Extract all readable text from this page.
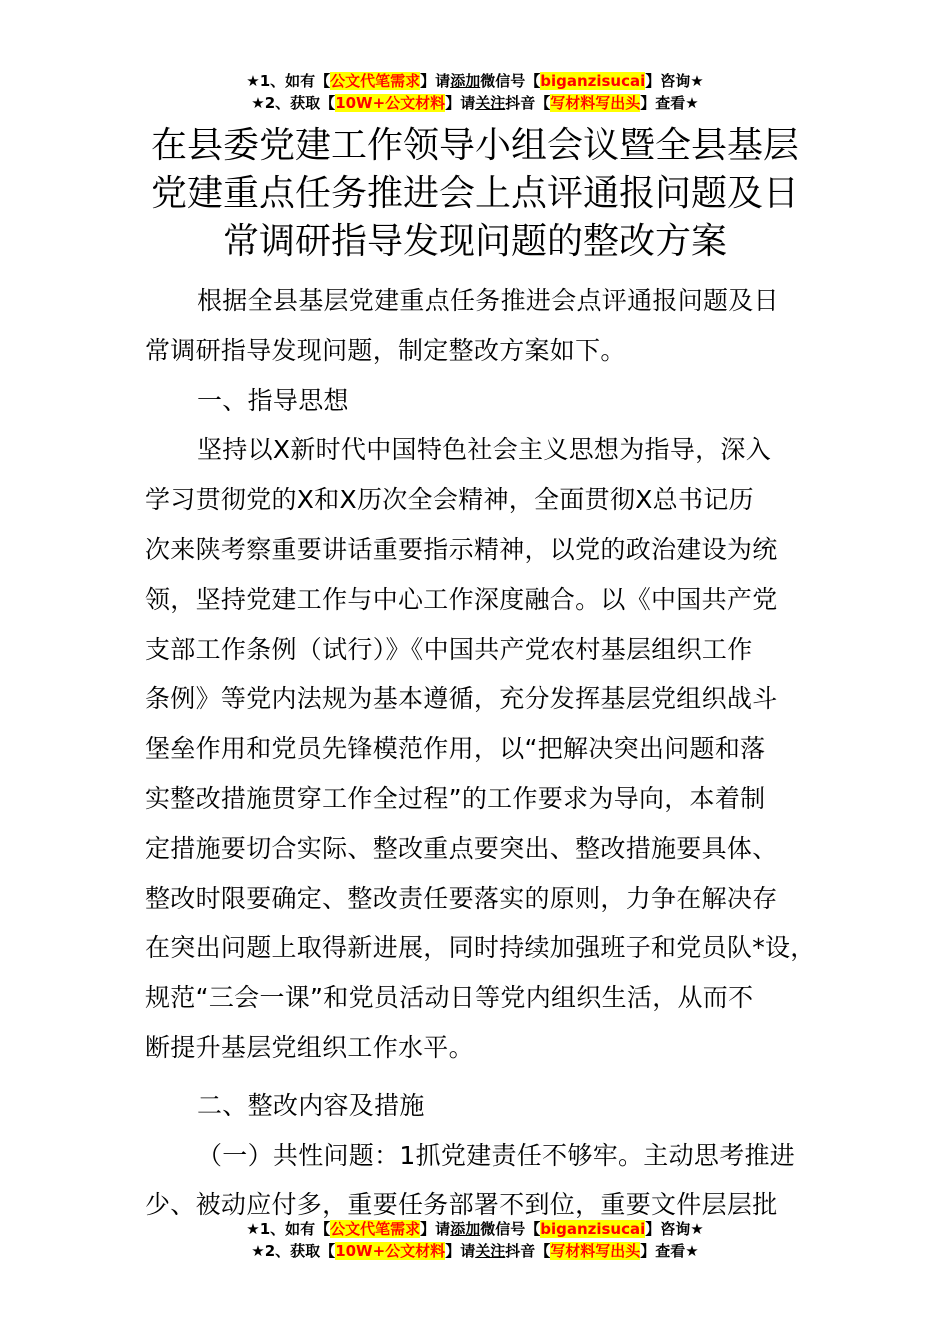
★1、如有【公文代笔需求】请添加微信号【biganzisucai】咨询★
★2、获取【10W+公文材料】请关注抖音【写材料写出头】查看★
在县委党建工作领导小组会议暨全县基层
党建重点任务推进会上点评通报问题及日
常调研指导发现问题的整改方案
根据全县基层党建重点任务推进会点评通报问题及日
常调研指导发现问题，制定整改方案如下。
一、指导思想
坚持以X新时代中国特色社会主义思想为指导，深入
学习贯彻党的X和X历次全会精神，全面贯彻X总书记历
次来陕考察重要讲话重要指示精神，以党的政治建设为统
领，坚持党建工作与中心工作深度融合。以《中国共产党
支部工作条例（试行）》《中国共产党农村基层组织工作
条例》等党内法规为基本遵循，充分发挥基层党组织战斗
堡垒作用和党员先锋模范作用，以“把解决突出问题和落
实整改措施贯穿工作全过程”的工作要求为导向，本着制
定措施要切合实际、整改重点要突出、整改措施要具体、
整改时限要确定、整改责任要落实的原则，力争在解决存
在突出问题上取得新进展，同时持续加强班子和党员队*设，
规范“三会一课”和党员活动日等党内组织生活，从而不
断提升基层党组织工作水平。
二、整改内容及措施
（一）共性问题：1抓党建责任不够牢。主动思考推进
少、被动应付多，重要任务部署不到位，重要文件层层批
★1、如有【公文代笔需求】请添加微信号【biganzisucai】咨询★
★2、获取【10W+公文材料】请关注抖音【写材料写出头】查看★
